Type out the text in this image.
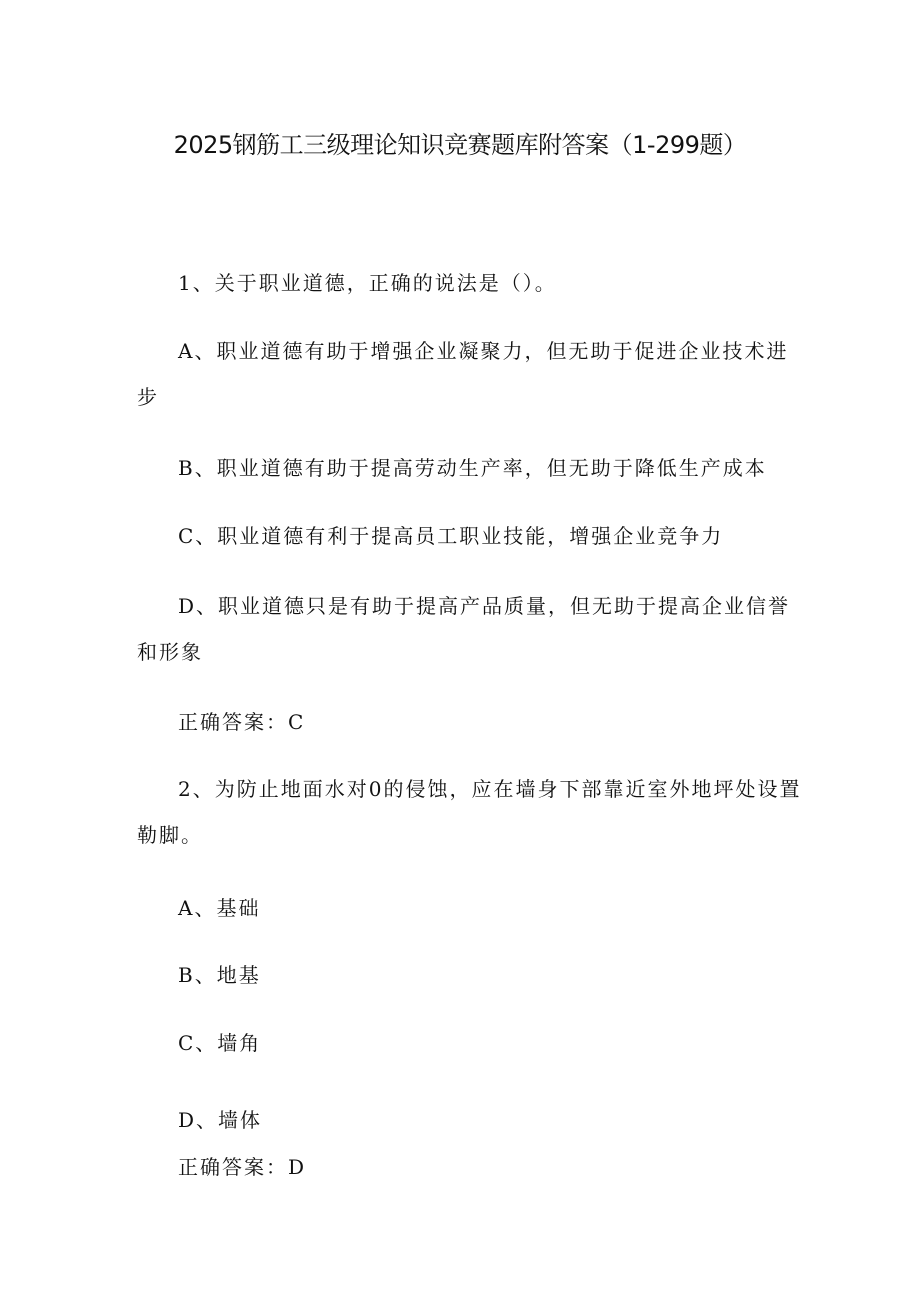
2025钢筋工三级理论知识竞赛题库附答案（1-299题）
1、关于职业道德，正确的说法是（）。
A、职业道德有助于增强企业凝聚力，但无助于促进企业技术进
步
B、职业道德有助于提高劳动生产率，但无助于降低生产成本
C、职业道德有利于提高员工职业技能，增强企业竞争力
D、职业道德只是有助于提高产品质量，但无助于提高企业信誉
和形象
正确答案：C
2、为防止地面水对0的侵蚀，应在墙身下部靠近室外地坪处设置
勒脚。
A、基础
B、地基
C、墙角
D、墙体
正确答案：D
